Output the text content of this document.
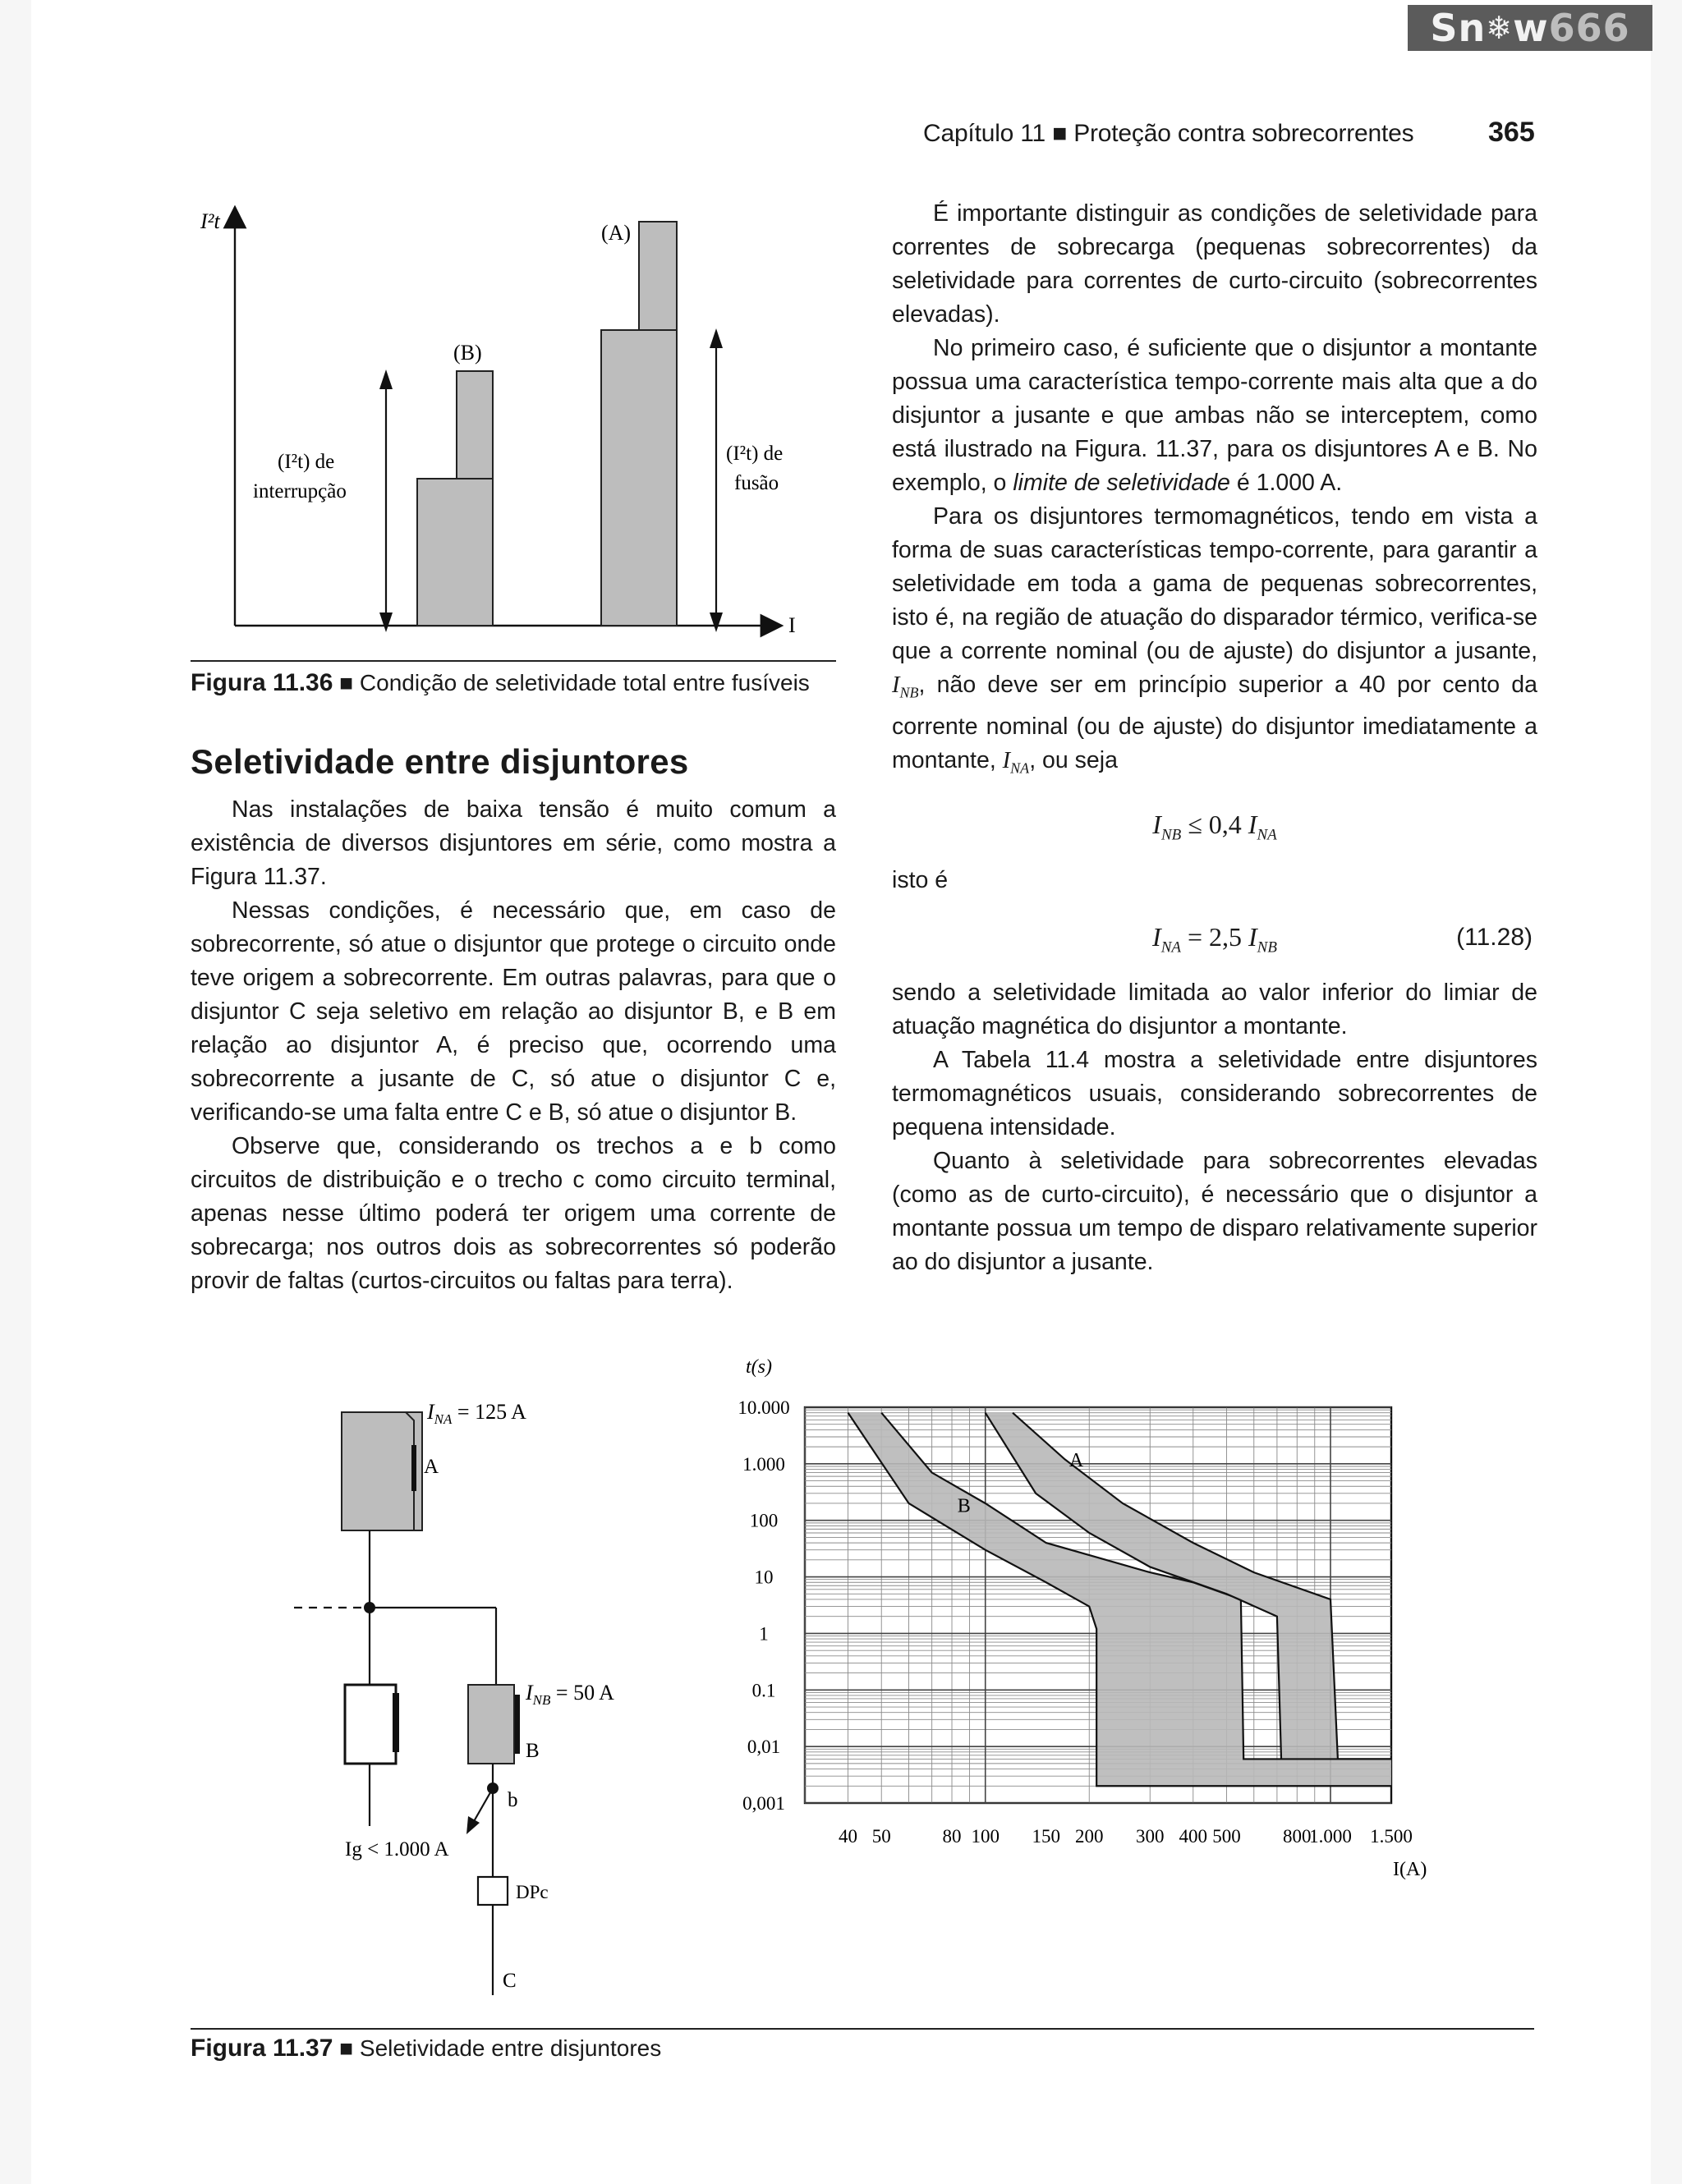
Sn ❄ w 666
Capítulo 11 ■ Proteção contra sobrecorrentes	365
I²t
I
(A)
(B)
(I²t) de
interrupção
(I²t) de
fusão
Figura 11.36 ■ Condição de seletividade total entre fusíveis
Seletividade entre disjuntores

Nas instalações de baixa tensão é muito comum a existência de diversos disjuntores em série, como mostra a Figura 11.37.

Nessas condições, é necessário que, em caso de sobrecorrente, só atue o disjuntor que protege o circuito onde teve origem a sobrecorrente. Em outras palavras, para que o disjuntor C seja seletivo em relação ao disjuntor B, e B em relação ao disjuntor A, é preciso que, ocorrendo uma sobrecorrente a jusante de C, só atue o disjuntor C e, verificando-se uma falta entre C e B, só atue o disjuntor B.

Observe que, considerando os trechos a e b como circuitos de distribuição e o trecho c como circuito terminal, apenas nesse último poderá ter origem uma corrente de sobrecarga; nos outros dois as sobrecorrentes só poderão provir de faltas (curtos-circuitos ou faltas para terra).

É importante distinguir as condições de seletividade para correntes de sobrecarga (pequenas sobrecorrentes) da seletividade para correntes de curto-circuito (sobrecorrentes elevadas).

No primeiro caso, é suficiente que o disjuntor a montante possua uma característica tempo-corrente mais alta que a do disjuntor a jusante e que ambas não se interceptem, como está ilustrado na Figura. 11.37, para os disjuntores A e B. No exemplo, o limite de seletividade é 1.000 A.

Para os disjuntores termomagnéticos, tendo em vista a forma de suas características tempo-corrente, para garantir a seletividade em toda a gama de pequenas sobrecorrentes, isto é, na região de atuação do disparador térmico, verifica-se que a corrente nominal (ou de ajuste) do disjuntor a jusante, $I_{NB}$, não deve ser em princípio superior a 40 por cento da corrente nominal (ou de ajuste) do disjuntor imediatamente a montante, $I_{NA}$, ou seja

$I_{NB} \le 0,4$ $I_{NA}$

isto é

$I_{NA} = 2,5$ $I_{NB}$	(11.28)

sendo a seletividade limitada ao valor inferior do limiar de atuação magnética do disjuntor a montante.

A Tabela 11.4 mostra a seletividade entre disjuntores termomagnéticos usuais, considerando sobrecorrentes de pequena intensidade.

Quanto à seletividade para sobrecorrentes elevadas (como as de curto-circuito), é necessário que o disjuntor a montante possua um tempo de disparo relativamente superior ao do disjuntor a jusante.

A
$I_{NA} = 125$ A
B
$I_{NB} = 50$ A
b
Ig < 1.000 A
DPc
C
10.000
1.000
100
10
1
0.1
0,01
0,001
40 50	80 100 150 200 300 400 500 800
1.000 1.500
t(s)
I(A)
A
B
Figura 11.37 ■ Seletividade entre disjuntores
